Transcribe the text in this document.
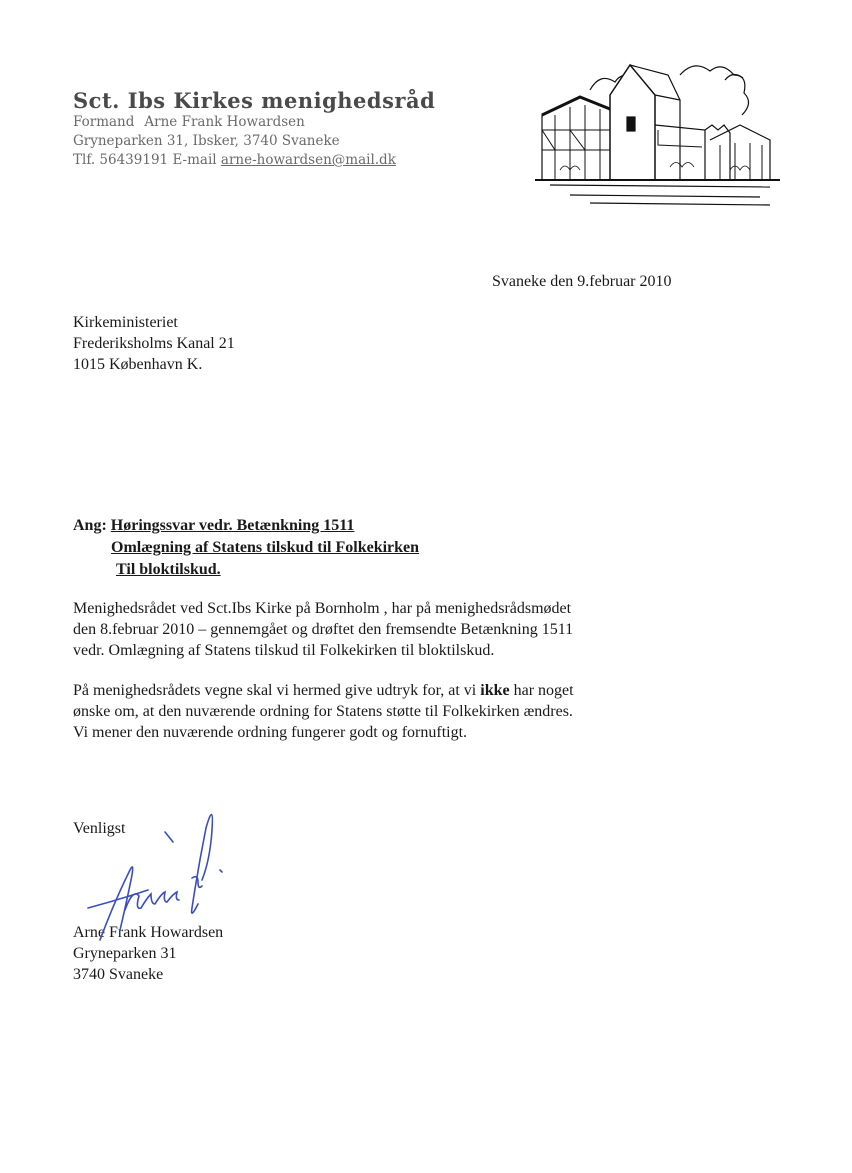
Sct. Ibs Kirkes menighedsråd
Formand Arne Frank Howardsen
Gryneparken 31, Ibsker, 3740 Svaneke
Tlf. 56439191 E-mail arne-howardsen@mail.dk
Svaneke den 9.februar 2010
Kirkeministeriet
Frederiksholms Kanal 21
1015 København K.
Ang: Høringssvar vedr. Betænkning 1511
Omlægning af Statens tilskud til Folkekirken
Til bloktilskud.
Menighedsrådet ved Sct.Ibs Kirke på Bornholm , har på menighedsrådsmødet
den 8.februar 2010 – gennemgået og drøftet den fremsendte Betænkning 1511
vedr. Omlægning af Statens tilskud til Folkekirken til bloktilskud.
På menighedsrådets vegne skal vi hermed give udtryk for, at vi ikke har noget
ønske om, at den nuværende ordning for Statens støtte til Folkekirken ændres.
Vi mener den nuværende ordning fungerer godt og fornuftigt.
Venligst
Arne Frank Howardsen
Gryneparken 31
3740 Svaneke
